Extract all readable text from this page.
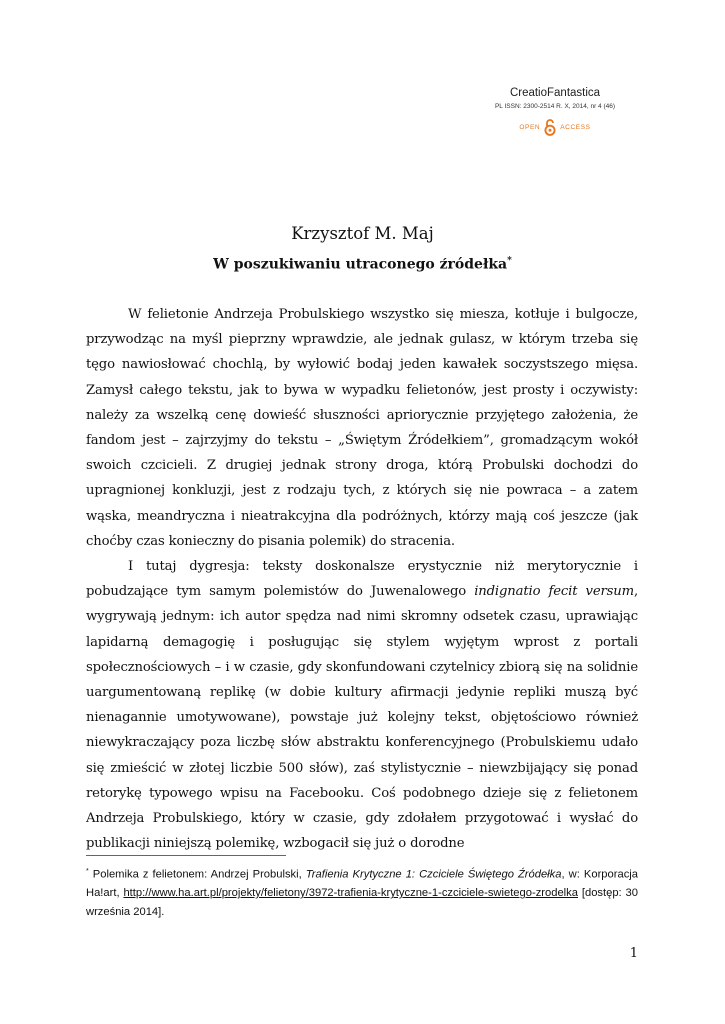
CreatioFantastica
PL ISSN: 2300-2514 R. X, 2014, nr 4 (46)
OPEN	ACCESS
Krzysztof M. Maj
W poszukiwaniu utraconego źródełka*

W felietonie Andrzeja Probulskiego wszystko się miesza, kotłuje i bulgocze, przywodząc na myśl pieprzny wprawdzie, ale jednak gulasz, w którym trzeba się tęgo nawiosłować chochlą, by wyłowić bodaj jeden kawałek soczystszego mięsa. Zamysł całego tekstu, jak to bywa w wypadku felietonów, jest prosty i oczywisty: należy za wszelką cenę dowieść słuszności apriorycznie przyjętego założenia, że fandom jest – zajrzyjmy do tekstu – „Świętym Źródełkiem”, gromadzącym wokół swoich czcicieli. Z drugiej jednak strony droga, którą Probulski dochodzi do upragnionej konkluzji, jest z rodzaju tych, z których się nie powraca – a zatem wąska, meandryczna i nieatrakcyjna dla podróżnych, którzy mają coś jeszcze (jak choćby czas konieczny do pisania polemik) do stracenia.

I tutaj dygresja: teksty doskonalsze erystycznie niż merytorycznie i pobudzające tym samym polemistów do Juwenalowego indignatio fecit versum, wygrywają jednym: ich autor spędza nad nimi skromny odsetek czasu, uprawiając lapidarną demagogię i posługując się stylem wyjętym wprost z portali społecznościowych – i w czasie, gdy skonfundowani czytelnicy zbiorą się na solidnie uargumentowaną replikę (w dobie kultury afirmacji jedynie repliki muszą być nienagannie umotywowane), powstaje już kolejny tekst, objętościowo również niewykraczający poza liczbę słów abstraktu konferencyjnego (Probulskiemu udało się zmieścić w złotej liczbie 500 słów), zaś stylistycznie – niewzbijający się ponad retorykę typowego wpisu na Facebooku. Coś podobnego dzieje się z felietonem Andrzeja Probulskiego, który w czasie, gdy zdołałem przygotować i wysłać do publikacji niniejszą polemikę, wzbogacił się już o dorodne

* Polemika z felietonem: Andrzej Probulski, Trafienia Krytyczne 1: Czciciele Świętego Źródełka, w: Korporacja Ha!art, http://www.ha.art.pl/projekty/felietony/3972-trafienia-krytyczne-1-czciciele-swietego-zrodelka [dostęp: 30 września 2014].
1
